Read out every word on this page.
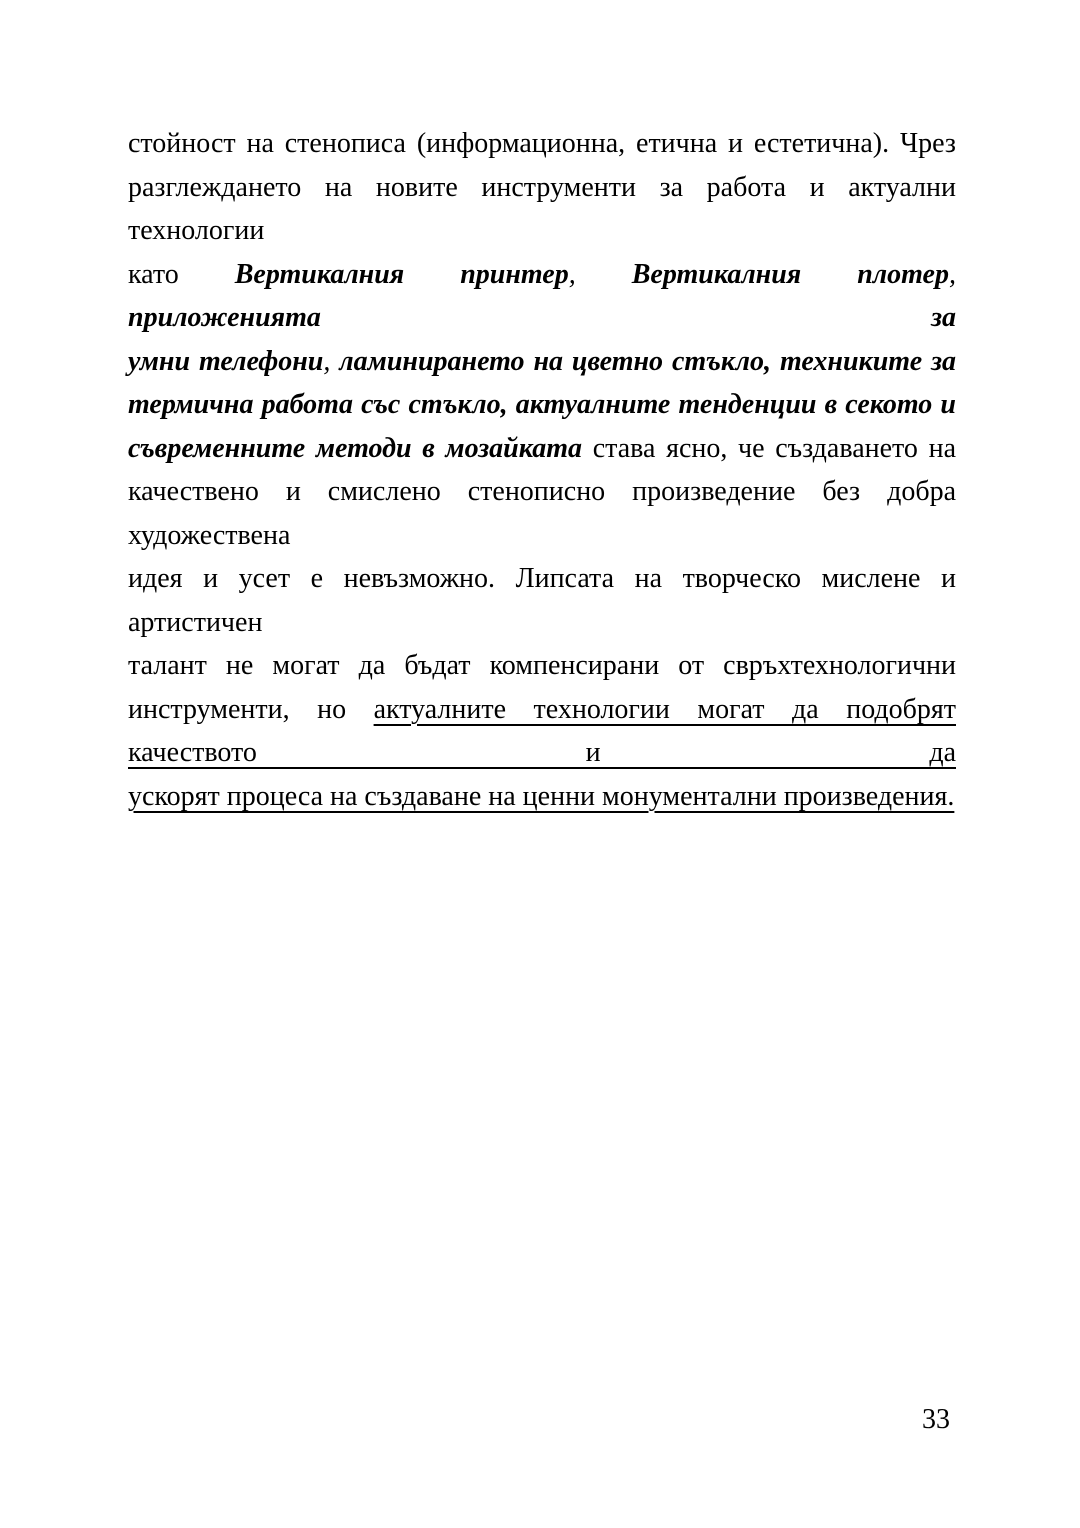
стойност на стенописа (информационна, етична и естетична). Чрез
разглеждането на новите инструменти за работа и актуални технологии
като Вертикалния принтер, Вертикалния плотер, приложенията за
умни телефони, ламинирането на цветно стъкло, техниките за
термична работа със стъкло, актуалните тенденции в секото и
съвременните методи в мозайката става ясно, че създаването на
качествено и смислено стенописно произведение без добра художествена
идея и усет е невъзможно. Липсата на творческо мислене и артистичен
талант не могат да бъдат компенсирани от свръхтехнологични
инструменти, но актуалните технологии могат да подобрят качеството и да
ускорят процеса на създаване на ценни монументални произведения.
33
